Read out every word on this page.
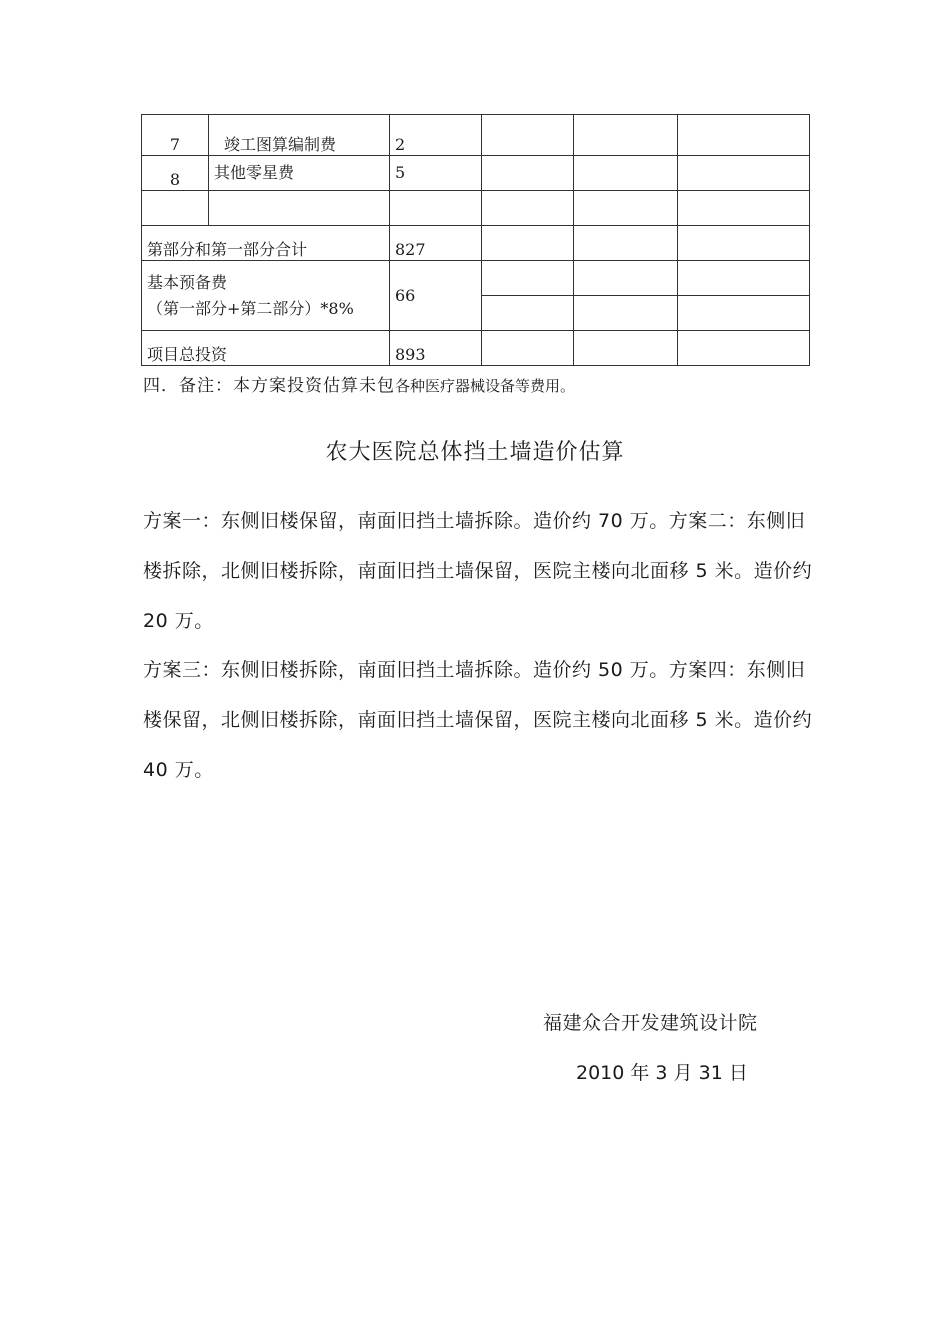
7	竣工图算编制费	2			
8	其他零星费	5			

第部分和第一部分合计		827			

基本预备费
（第一部分+第二部分）*8%		66			

项目总投资		893			
四．备注：本方案投资估算未包各种医疗器械设备等费用。
农大医院总体挡土墙造价估算
方案一：东侧旧楼保留，南面旧挡土墙拆除。造价约 70 万。方案二：东侧旧楼拆除，北侧旧楼拆除，南面旧挡土墙保留，医院主楼向北面移 5 米。造价约 20 万。
方案三：东侧旧楼拆除，南面旧挡土墙拆除。造价约 50 万。方案四：东侧旧楼保留，北侧旧楼拆除，南面旧挡土墙保留，医院主楼向北面移 5 米。造价约 40 万。
福建众合开发建筑设计院
2010 年 3 月 31 日
